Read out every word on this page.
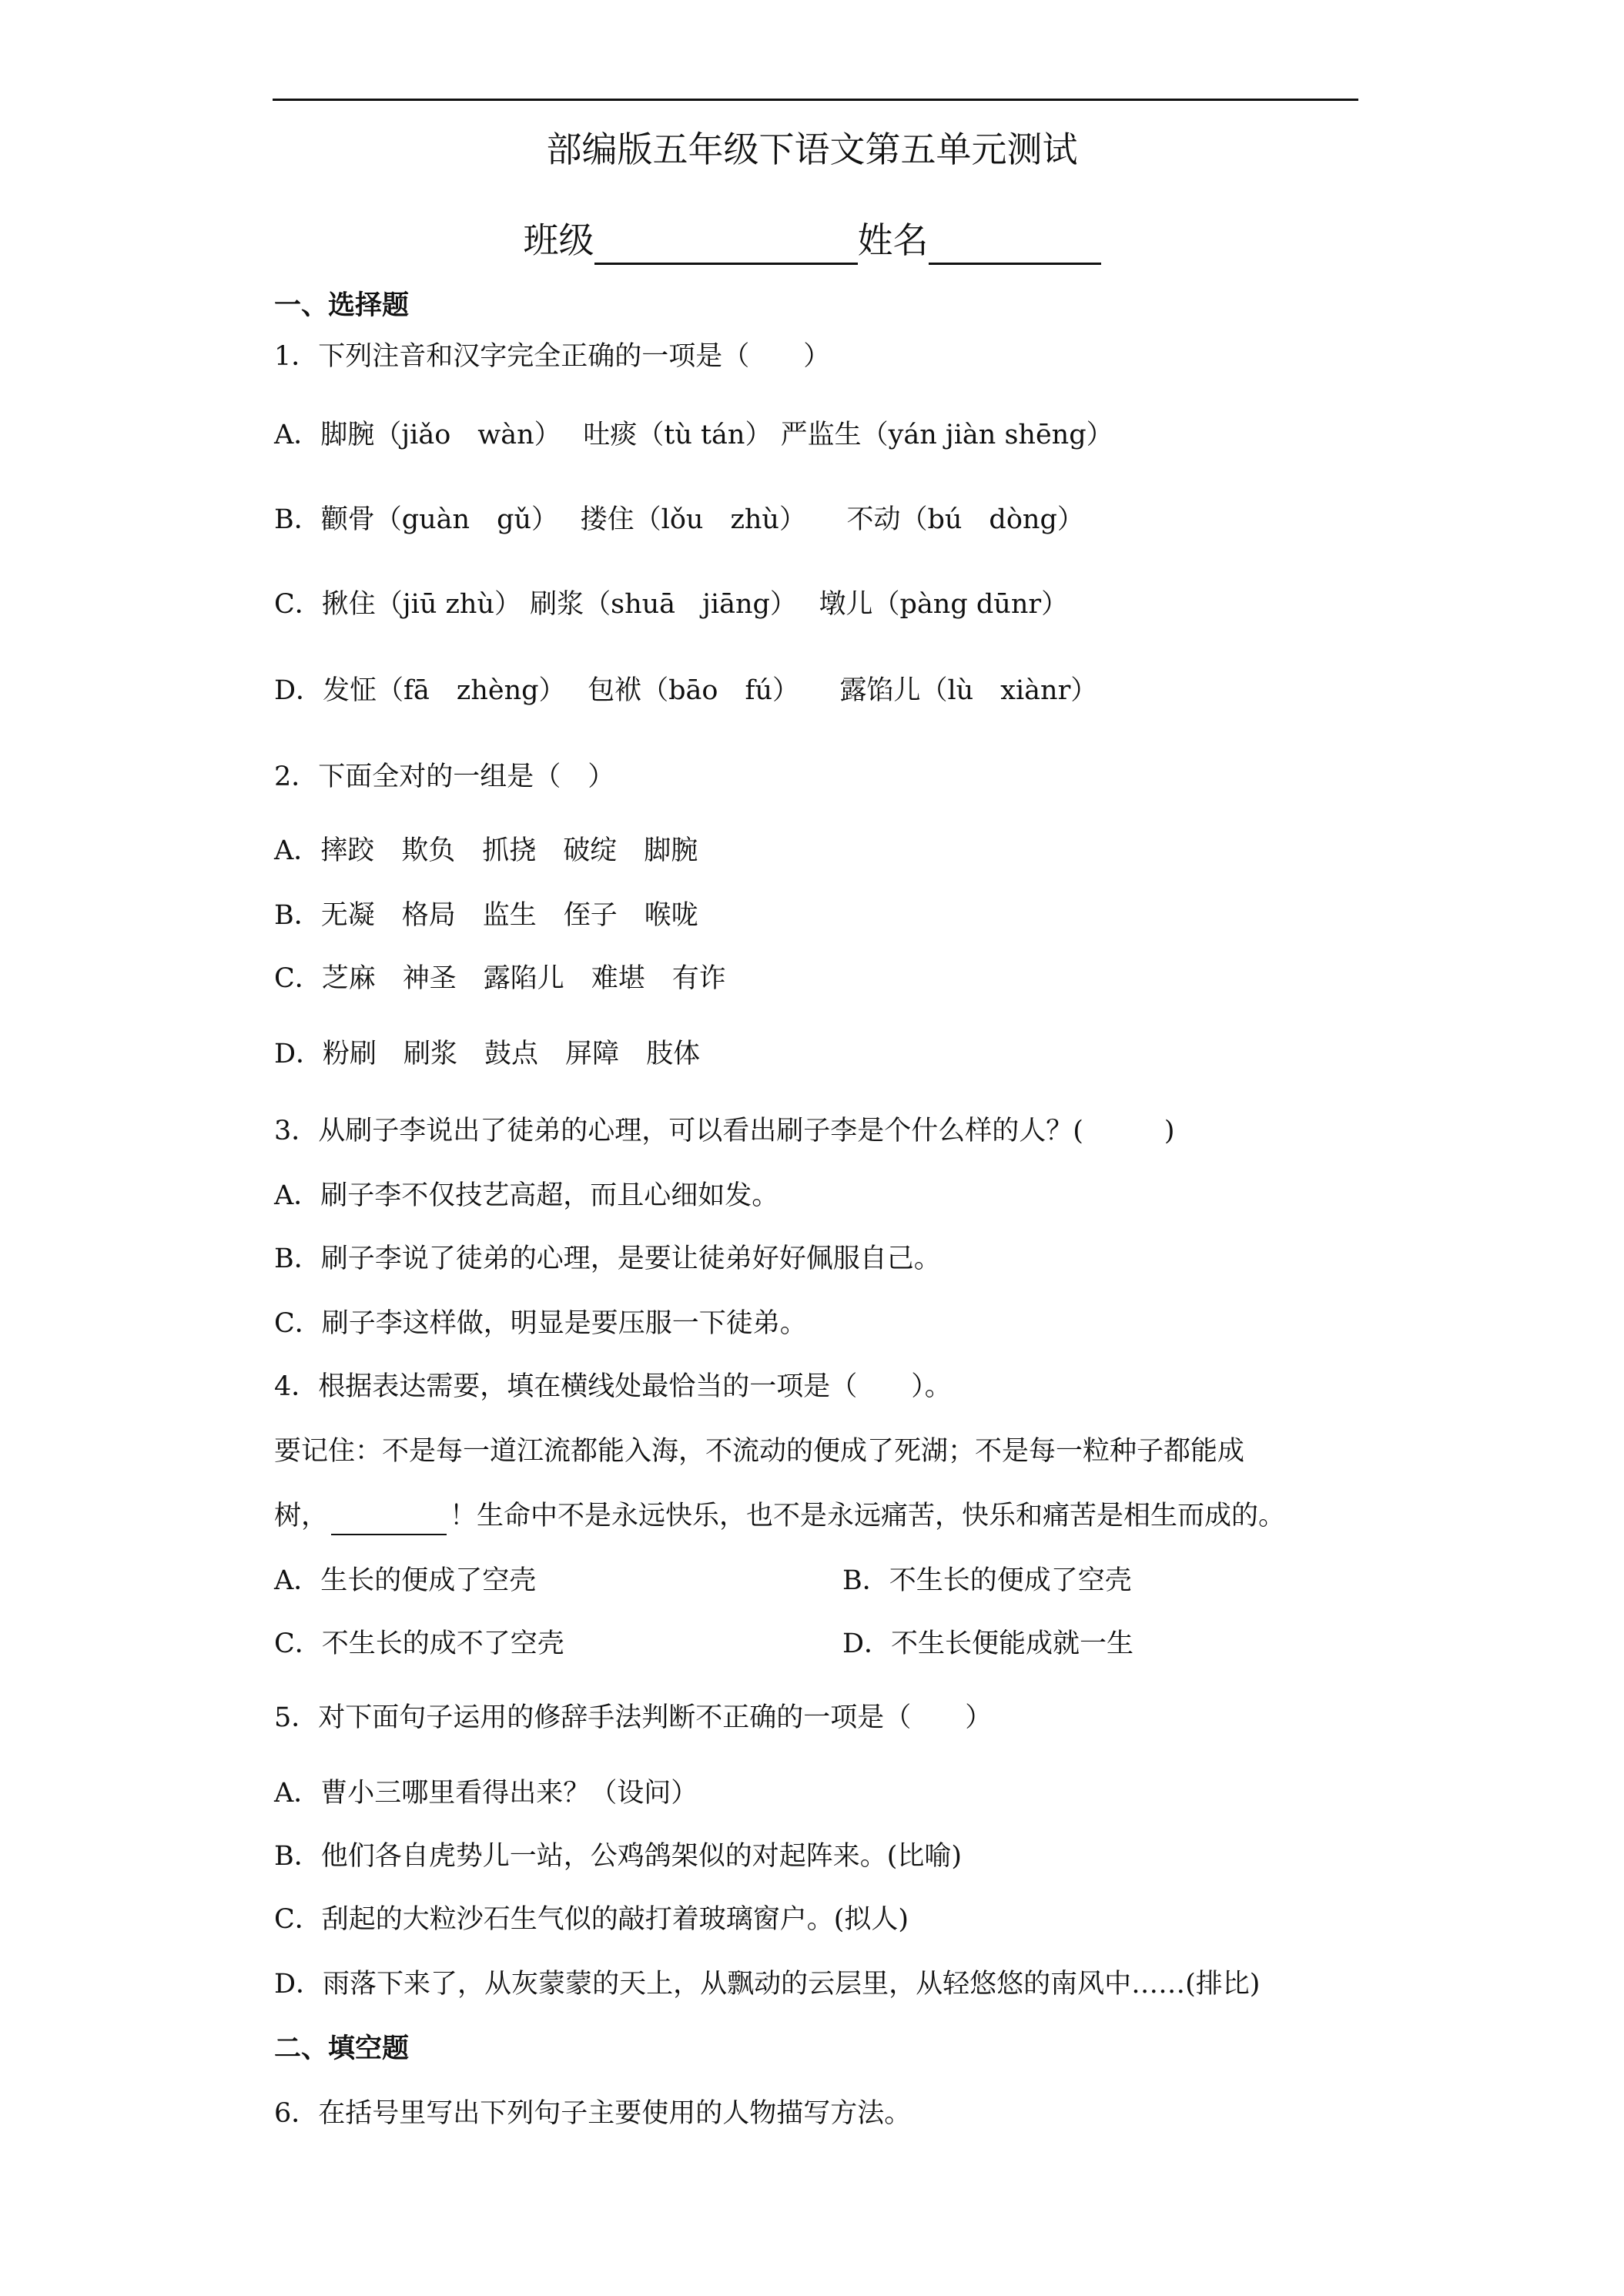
部编版五年级下语文第五单元测试
班级	姓名
一、选择题
1．下列注音和汉字完全正确的一项是（　　）
A．脚腕（jiǎo　wàn）　 吐痰（tù tán） 严监生（yán jiàn shēng）
B．颧骨（guàn　gǔ）　 搂住（lǒu　zhù）　　不动（bú　dòng）
C．揪住（jiū zhù） 刷浆（shuā　jiāng）　 墩儿（pàng dūnr）
D．发怔（fā　zhèng）　 包袱（bāo　fú）　　露馅儿（lù　xiànr）
2．下面全对的一组是（　）
A．摔跤　欺负　抓挠　破绽　脚腕
B．无凝　格局　监生　侄子　喉咙
C．芝麻　神圣　露陷儿　难堪　有诈
D．粉刷　刷浆　鼓点　屏障　肢体
3．从刷子李说出了徒弟的心理，可以看出刷子李是个什么样的人？(　　　)
A．刷子李不仅技艺高超，而且心细如发。
B．刷子李说了徒弟的心理，是要让徒弟好好佩服自己。
C．刷子李这样做，明显是要压服一下徒弟。
4．根据表达需要，填在横线处最恰当的一项是（　　）。
要记住：不是每一道江流都能入海，不流动的便成了死湖；不是每一粒种子都能成
树，	！生命中不是永远快乐，也不是永远痛苦，快乐和痛苦是相生而成的。
A．生长的便成了空壳	B．不生长的便成了空壳
C．不生长的成不了空壳	D．不生长便能成就一生
5．对下面句子运用的修辞手法判断不正确的一项是（　　）
A．曹小三哪里看得出来？（设问）
B．他们各自虎势儿一站，公鸡鸽架似的对起阵来。(比喻)
C．刮起的大粒沙石生气似的敲打着玻璃窗户。(拟人)
D．雨落下来了，从灰蒙蒙的天上，从飘动的云层里，从轻悠悠的南风中……(排比)
二、填空题
6．在括号里写出下列句子主要使用的人物描写方法。
